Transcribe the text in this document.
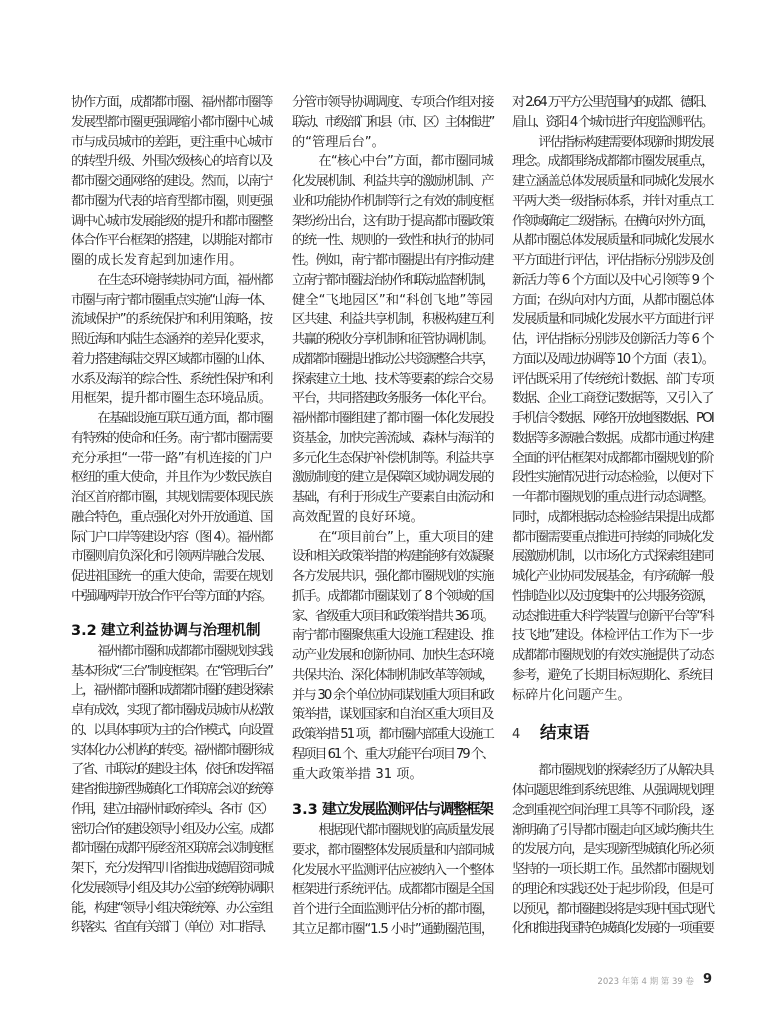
协作方面，成都都市圈、福州都市圈等
发展型都市圈更强调缩小都市圈中心城
市与成员城市的差距，更注重中心城市
的转型升级、外围次级核心的培育以及
都市圈交通网络的建设。然而，以南宁
都市圈为代表的培育型都市圈，则更强
调中心城市发展能级的提升和都市圈整
体合作平台框架的搭建，以期能对都市
圈的成长发育起到加速作用。
在生态环境持续协同方面，福州都
市圈与南宁都市圈重点实施“山海一体、
流域保护”的系统保护和利用策略，按
照近海和内陆生态涵养的差异化要求，
着力搭建海陆交界区域都市圈的山体、
水系及海洋的综合性、系统性保护和利
用框架，提升都市圈生态环境品质。
在基础设施互联互通方面，都市圈
有特殊的使命和任务。南宁都市圈需要
充分承担“一带一路”有机连接的门户
枢纽的重大使命，并且作为少数民族自
治区首府都市圈，其规划需要体现民族
融合特色，重点强化对外开放通道、国
际门户口岸等建设内容（图 4）。福州都
市圈则肩负深化和引领两岸融合发展、
促进祖国统一的重大使命，需要在规划
中强调两岸开放合作平台等方面的内容。
3.2 建立利益协调与治理机制
福州都市圈和成都都市圈规划实践
基本形成“三台”制度框架。在“管理后台”
上，福州都市圈和成都都市圈的建设探索
卓有成效，实现了都市圈成员城市从松散
的、以具体事项为主的合作模式，向设置
实体化办公机构的转变。福州都市圈形成
了省、市联动的建设主体，依托和发挥福
建省推进新型城镇化工作联席会议的统筹
作用，建立由福州市政府牵头、各市（区）
密切合作的建设领导小组及办公室。成都
都市圈在成都平原经济区联席会议制度框
架下，充分发挥四川省推进成德眉资同城
化发展领导小组及其办公室的统筹协调职
能，构建“领导小组决策统筹、办公室组
织落实、省直有关部门（单位）对口指导、
分管市领导协调调度、专项合作组对接
联动、市级部门和县（市、区）主体推进”
的“管理后台”。
在“核心中台”方面，都市圈同城
化发展机制、利益共享的激励机制、产
业和功能协作机制等行之有效的制度框
架纷纷出台，这有助于提高都市圈政策
的统一性、规则的一致性和执行的协同
性。例如，南宁都市圈提出有序推动建
立南宁都市圈法治协作和联动监督机制，
健全“飞地园区”和“科创飞地”等园
区共建、利益共享机制，积极构建互利
共赢的税收分享机制和征管协调机制。
成都都市圈提出推动公共资源整合共享，
探索建立土地、技术等要素的综合交易
平台，共同搭建政务服务一体化平台。
福州都市圈组建了都市圈一体化发展投
资基金，加快完善流域、森林与海洋的
多元化生态保护补偿机制等。利益共享
激励制度的建立是保障区域协调发展的
基础，有利于形成生产要素自由流动和
高效配置的良好环境。
在“项目前台”上，重大项目的建
设和相关政策举措的构建能够有效凝聚
各方发展共识，强化都市圈规划的实施
抓手。成都都市圈谋划了 8 个领域的国
家、省级重大项目和政策举措共 36 项。
南宁都市圈聚焦重大设施工程建设、推
动产业发展和创新协同、加快生态环境
共保共治、深化体制机制改革等领域，
并与 30 余个单位协同谋划重大项目和政
策举措，谋划国家和自治区重大项目及
政策举措 51 项，都市圈内部重大设施工
程项目 61 个、重大功能平台项目 79 个、
重大政策举措 31 项。
3.3 建立发展监测评估与调整框架
根据现代都市圈规划的高质量发展
要求，都市圈整体发展质量和内部同城
化发展水平监测评估应被纳入一个整体
框架进行系统评估。成都都市圈是全国
首个进行全面监测评估分析的都市圈，
其立足都市圈“1.5 小时”通勤圈范围，
对 2.64 万平方公里范围内的成都、德阳、
眉山、资阳 4 个城市进行年度监测评估。
评估指标构建需要体现新时期发展
理念。成都围绕成都都市圈发展重点，
建立涵盖总体发展质量和同城化发展水
平两大类一级指标体系，并针对重点工
作领域确定二级指标。在横向对外方面，
从都市圈总体发展质量和同城化发展水
平方面进行评估，评估指标分别涉及创
新活力等 6 个方面以及中心引领等 9 个
方面；在纵向对内方面，从都市圈总体
发展质量和同城化发展水平方面进行评
估，评估指标分别涉及创新活力等 6 个
方面以及周边协调等 10 个方面（表 1）。
评估既采用了传统统计数据、部门专项
数据、企业工商登记数据等，又引入了
手机信令数据、网络开放地图数据、POI
数据等多源融合数据。成都市通过构建
全面的评估框架对成都都市圈规划的阶
段性实施情况进行动态检验，以便对下
一年都市圈规划的重点进行动态调整。
同时，成都根据动态检验结果提出成都
都市圈需要重点推进可持续的同城化发
展激励机制，以市场化方式探索组建同
城化产业协同发展基金，有序疏解一般
性制造业以及过度集中的公共服务资源，
动态推进重大科学装置与创新平台等“科
技飞地”建设。体检评估工作为下一步
成都都市圈规划的有效实施提供了动态
参考，避免了长期目标短期化、系统目
标碎片化问题产生。
4 结束语
都市圈规划的探索经历了从解决具
体问题思维到系统思维、从强调规划理
念到重视空间治理工具等不同阶段，逐
渐明确了引导都市圈走向区域均衡共生
的发展方向，是实现新型城镇化所必须
坚持的一项长期工作。虽然都市圈规划
的理论和实践还处于起步阶段，但是可
以预见，都市圈建设将是实现中国式现代
化和推进我国特色城镇化发展的一项重要
2023 年第 4 期 第 39 卷 9
